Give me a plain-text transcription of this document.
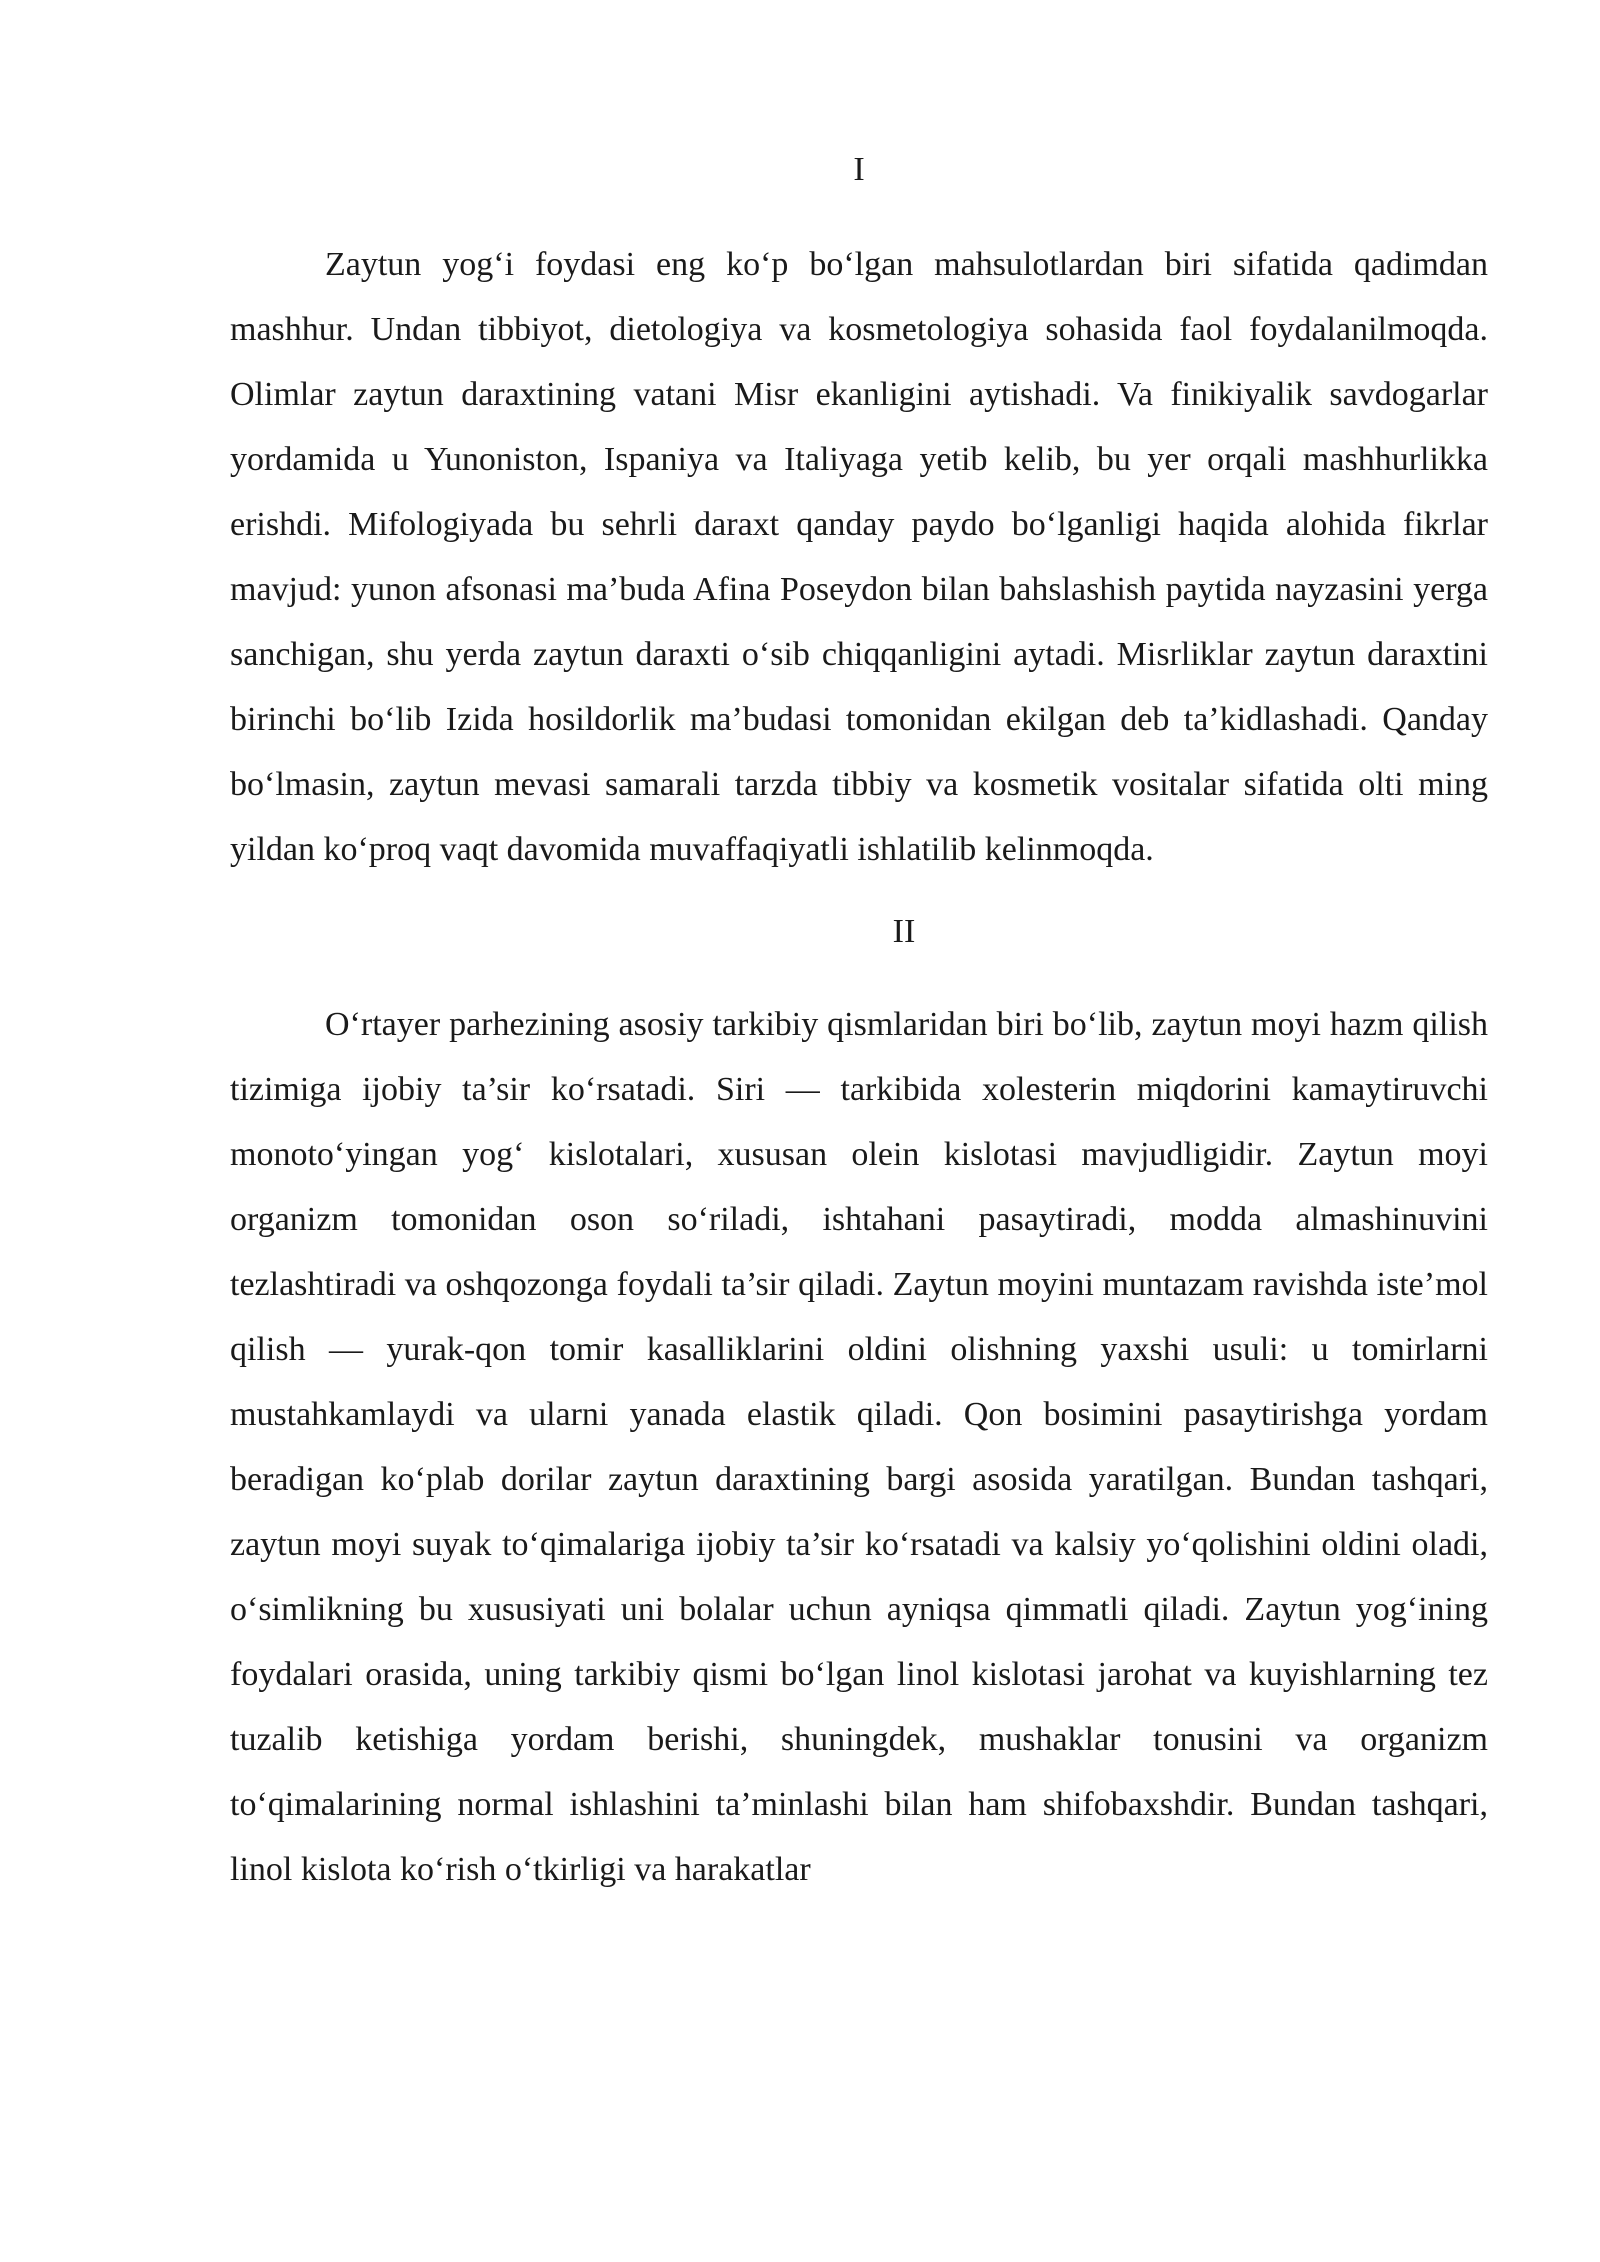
I

Zaytun yog‘i foydasi eng ko‘p bo‘lgan mahsulotlardan biri sifatida qadimdan mashhur. Undan tibbiyot, dietologiya va kosmetologiya sohasida faol foydalanilmoqda. Olimlar zaytun daraxtining vatani Misr ekanligini aytishadi. Va finikiyalik savdogarlar yordamida u Yunoniston, Ispaniya va Italiyaga yetib kelib, bu yer orqali mashhurlikka erishdi. Mifologiyada bu sehrli daraxt qanday paydo bo‘lganligi haqida alohida fikrlar mavjud: yunon afsonasi ma’buda Afina Poseydon bilan bahslashish paytida nayzasini yerga sanchigan, shu yerda zaytun daraxti o‘sib chiqqanligini aytadi. Misrliklar zaytun daraxtini birinchi bo‘lib Izida hosildorlik ma’budasi tomonidan ekilgan deb ta’kidlashadi. Qanday bo‘lmasin, zaytun mevasi samarali tarzda tibbiy va kosmetik vositalar sifatida olti ming yildan ko‘proq vaqt davomida muvaffaqiyatli ishlatilib kelinmoqda.

II

O‘rtayer parhezining asosiy tarkibiy qismlaridan biri bo‘lib, zaytun moyi hazm qilish tizimiga ijobiy ta’sir ko‘rsatadi. Siri — tarkibida xolesterin miqdorini kamaytiruvchi monoto‘yingan yog‘ kislotalari, xususan olein kislotasi mavjudligidir. Zaytun moyi organizm tomonidan oson so‘riladi, ishtahani pasaytiradi, modda almashinuvini tezlashtiradi va oshqozonga foydali ta’sir qiladi. Zaytun moyini muntazam ravishda iste’mol qilish — yurak-qon tomir kasalliklarini oldini olishning yaxshi usuli: u tomirlarni mustahkamlaydi va ularni yanada elastik qiladi. Qon bosimini pasaytirishga yordam beradigan ko‘plab dorilar zaytun daraxtining bargi asosida yaratilgan. Bundan tashqari, zaytun moyi suyak to‘qimalariga ijobiy ta’sir ko‘rsatadi va kalsiy yo‘qolishini oldini oladi, o‘simlikning bu xususiyati uni bolalar uchun ayniqsa qimmatli qiladi. Zaytun yog‘ining foydalari orasida, uning tarkibiy qismi bo‘lgan linol kislotasi jarohat va kuyishlarning tez tuzalib ketishiga yordam berishi, shuningdek, mushaklar tonusini va organizm to‘qimalarining normal ishlashini ta’minlashi bilan ham shifobaxshdir. Bundan tashqari, linol kislota ko‘rish o‘tkirligi va harakatlar
